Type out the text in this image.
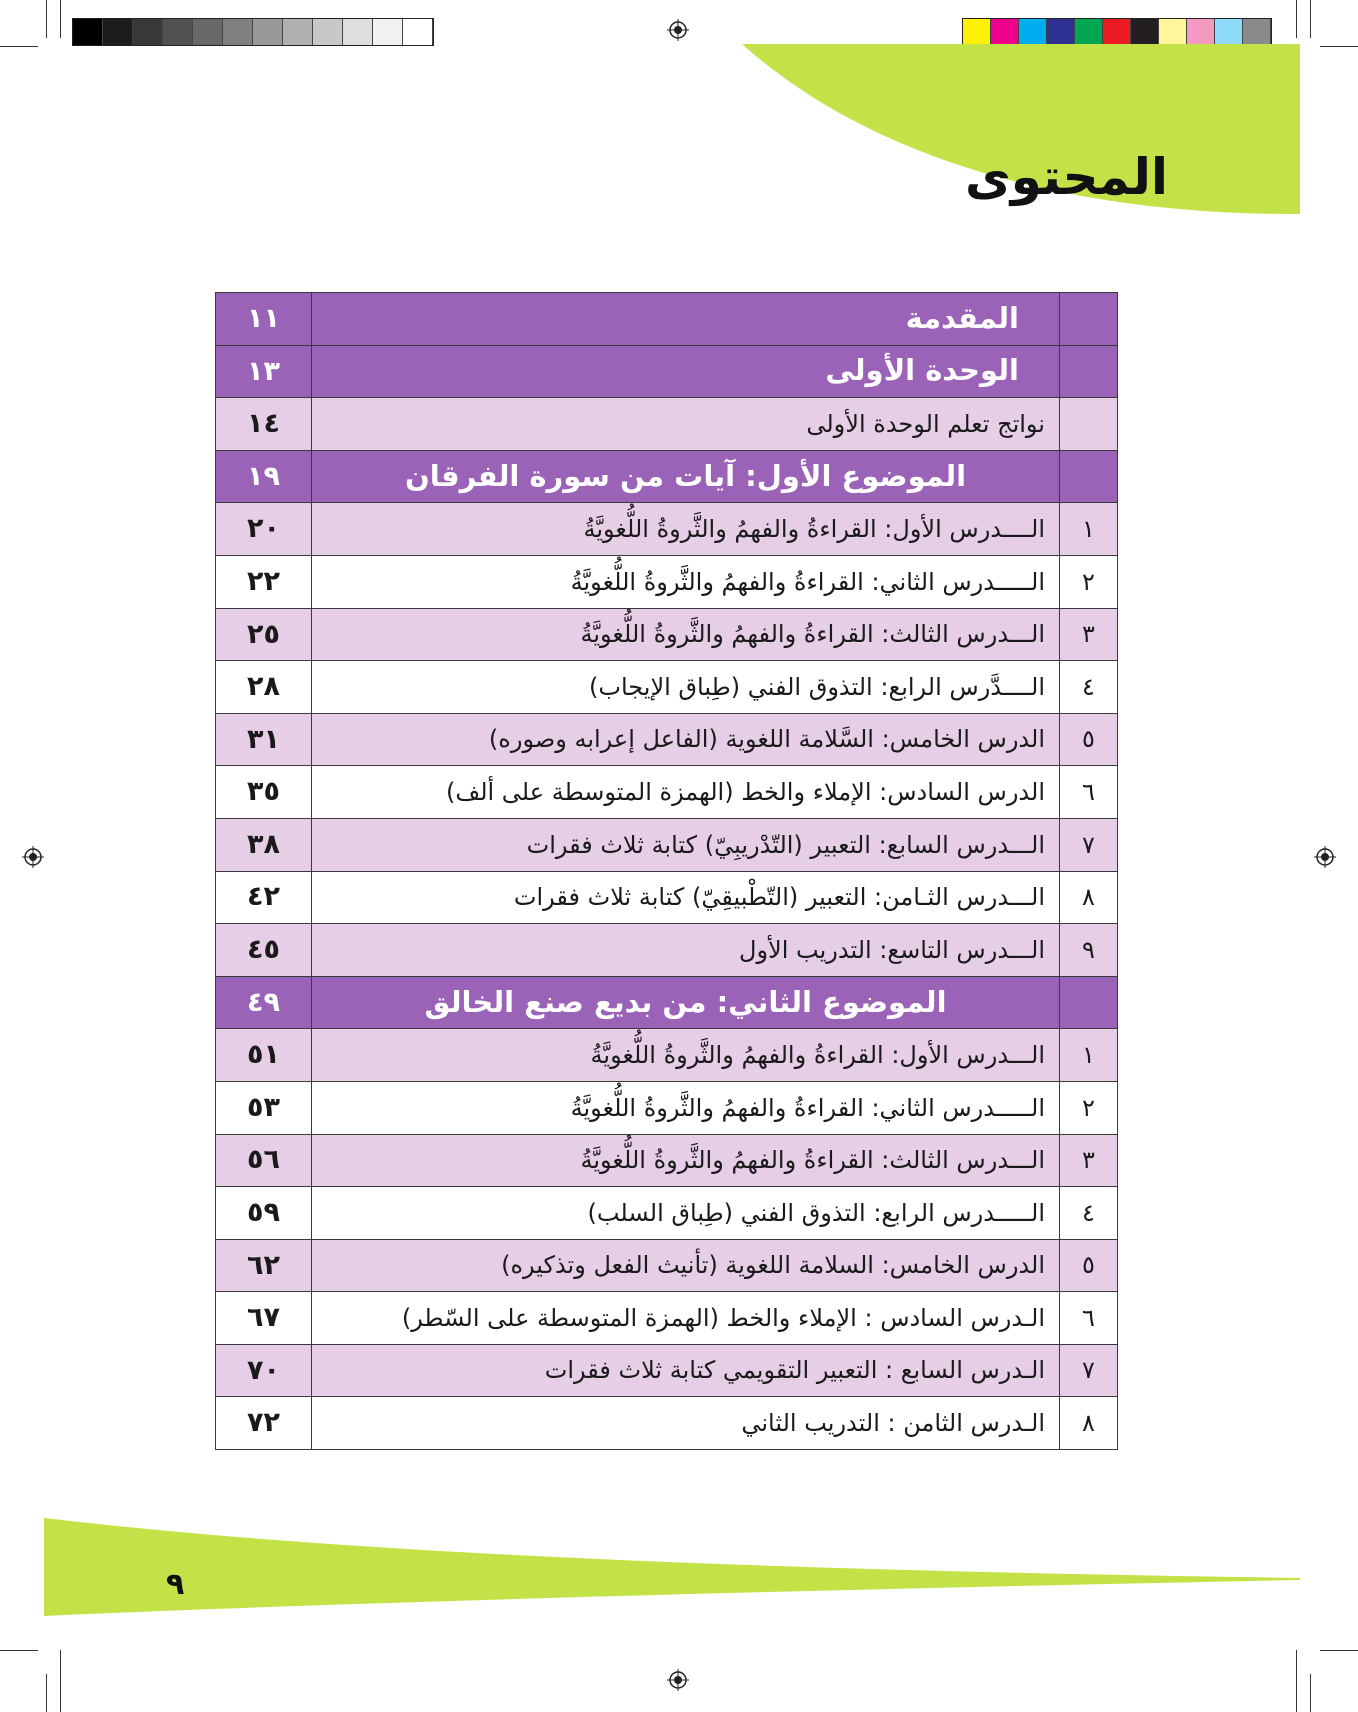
المحتوى
	المقدمة	١١
	الوحدة الأولى	١٣
	نواتج تعلم الوحدة الأولى	١٤
	الموضوع الأول: آيات من سورة الفرقان	١٩
١	الــــدرس الأول: القراءةُ والفهمُ والثَّروةُ اللُّغويَّةُ	٢٠
٢	الـــــدرس الثاني: القراءةُ والفهمُ والثَّروةُ اللُّغويَّةُ	٢٢
٣	الـــدرس الثالث: القراءةُ والفهمُ والثَّروةُ اللُّغويَّةُ	٢٥
٤	الــــدَّرس الرابع: التذوق الفني (طِباق الإيجاب)	٢٨
٥	الدرس الخامس: السَّلامة اللغوية (الفاعل إعرابه وصوره)	٣١
٦	الدرس السادس: الإملاء والخط (الهمزة المتوسطة على ألف)	٣٥
٧	الـــدرس السابع: التعبير (التّدْريبِيّ) كتابة ثلاث فقرات	٣٨
٨	الـــدرس الثـامن: التعبير (التّطْبيقِيّ) كتابة ثلاث فقرات	٤٢
٩	الـــدرس التاسع: التدريب الأول	٤٥
	الموضوع الثاني: من بديع صنع الخالق	٤٩
١	الـــدرس الأول: القراءةُ والفهمُ والثَّروةُ اللُّغويَّةُ	٥١
٢	الـــــدرس الثاني: القراءةُ والفهمُ والثَّروةُ اللُّغويَّةُ	٥٣
٣	الـــدرس الثالث: القراءةُ والفهمُ والثَّروةُ اللُّغويَّةُ	٥٦
٤	الـــــدرس الرابع: التذوق الفني (طِباق السلب)	٥٩
٥	الدرس الخامس: السلامة اللغوية (تأنيث الفعل وتذكيره)	٦٢
٦	الـدرس السادس : الإملاء والخط (الهمزة المتوسطة على السّطر)	٦٧
٧	الـدرس السابع : التعبير التقويمي كتابة ثلاث فقرات	٧٠
٨	الـدرس الثامن : التدريب الثاني	٧٢

٩
